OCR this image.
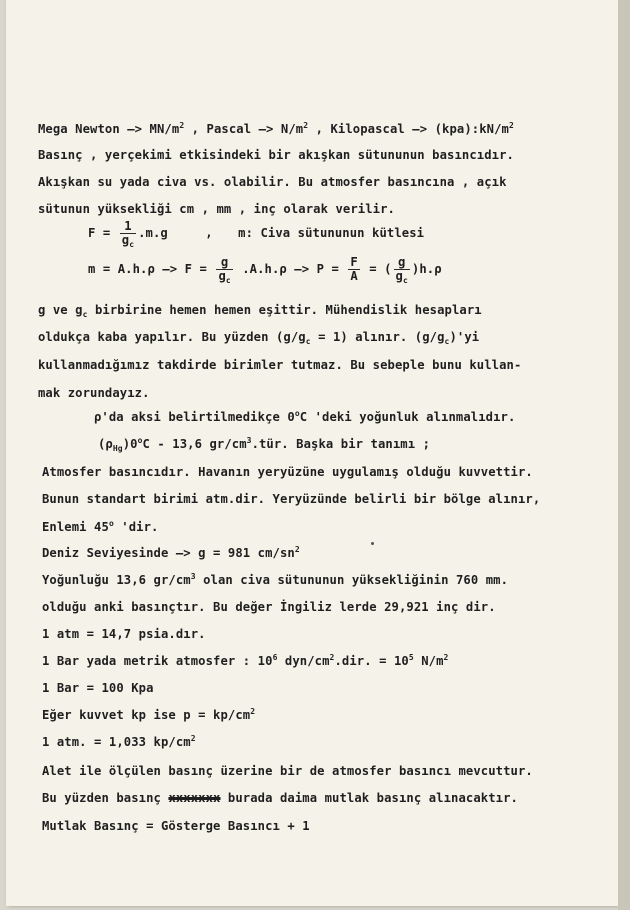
Mega Newton —> $MN/m^2$ , Pascal —> $N/m^2$ , Kilopascal —> $(kpa):kN/m^2$
Basınç , yerçekimi etkisindeki bir akışkan sütununun basıncıdır.
Akışkan su yada civa vs. olabilir. Bu atmosfer basıncına , açık
sütunun yüksekliği cm , mm , inç olarak verilir.
$F = \frac{1}{g_c} .m.g$	, m: Civa sütununun kütlesi
m = A.h.ρ —> $F = \frac{g}{g_c} .A.h.\rho$ —> $P = \frac{F}{A}$ = ( $\frac{g}{g_c} )h.\rho$
g ve $g_c$ birbirine hemen hemen eşittir. Mühendislik hesapları
oldukça kaba yapılır. Bu yüzden $(g/g_c = 1)$ alınır. $(g/g_c)'yi$
kullanmadığımız takdirde birimler tutmaz. Bu sebeple bunu kullan-
mak zorundayız.
ρ'da aksi belirtilmedikçe 0$^o$C 'deki yoğunluk alınmalıdır.
$(\rho_{Hg})0^oC - 13,6$ $gr/cm^3.tür$. Başka bir tanımı ;
Atmosfer basıncıdır. Havanın yeryüzüne uygulamış olduğu kuvvettir.
Bunun standart birimi atm.dir. Yeryüzünde belirli bir bölge alınır,
Enlemi 45$^o$ 'dir.
Deniz Seviyesinde —> g = 981 $cm/sn^2$
Yoğunluğu 13,6 $gr/cm^3$ olan civa sütununun yüksekliğinin 760 mm.
olduğu anki basınçtır. Bu değer İngiliz lerde 29,921 inç dir.
1 atm = 14,7 psia.dır.
1 Bar yada metrik atmosfer : $10^6$ dyn/$cm^2.dir$. = $10^5$ $N/m^2$
1 Bar = 100 Kpa
Eğer kuvvet kp ise $p = kp/cm^2$
1 atm. = 1,033 $kp/cm^2$
Alet ile ölçülen basınç üzerine bir de atmosfer basıncı mevcuttur.
Bu yüzden basınç xxxxxxx burada daima mutlak basınç alınacaktır.
Mutlak Basınç = Gösterge Basıncı + 1
